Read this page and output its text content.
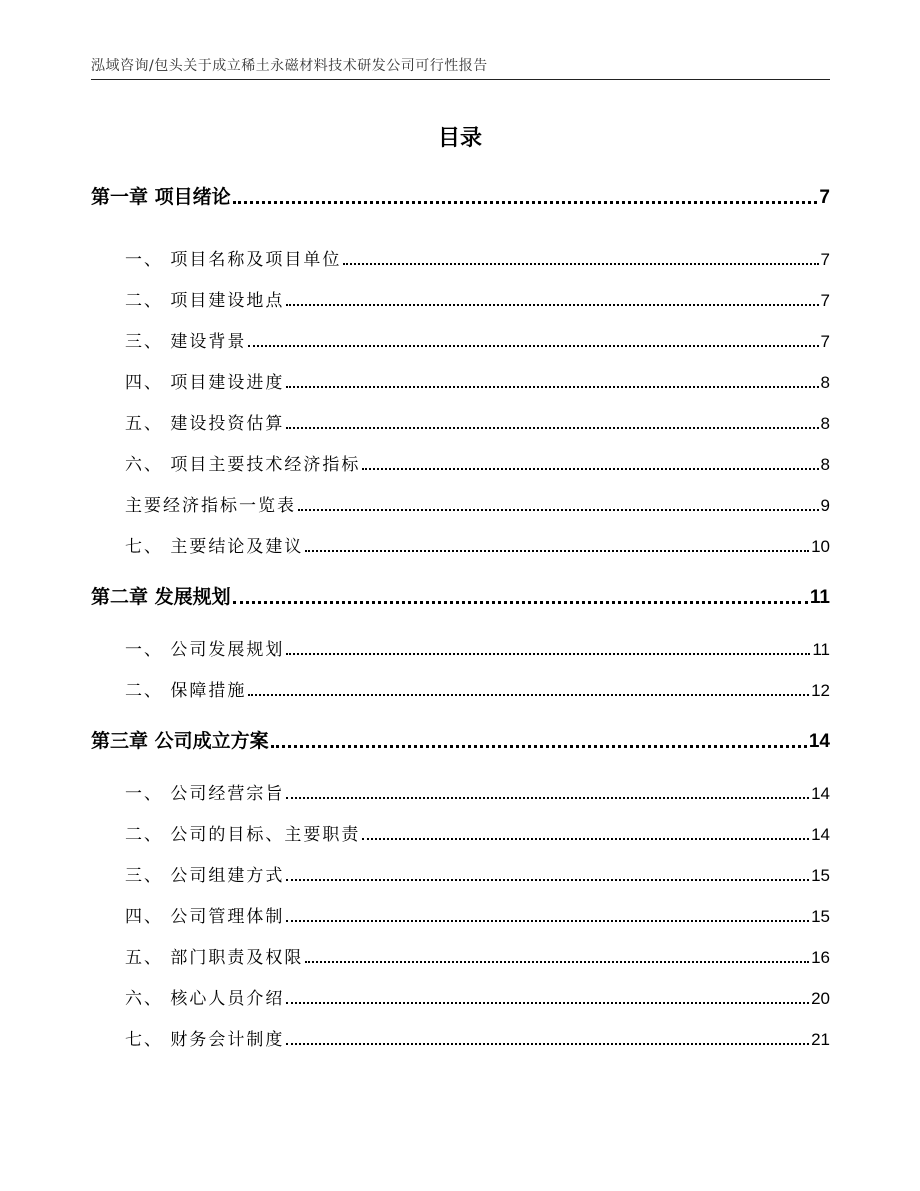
泓域咨询/包头关于成立稀土永磁材料技术研发公司可行性报告
目录
第一章 项目绪论	7
一、 项目名称及项目单位	7
二、 项目建设地点	7
三、 建设背景	7
四、 项目建设进度	8
五、 建设投资估算	8
六、 项目主要技术经济指标	8
主要经济指标一览表	9
七、 主要结论及建议	10
第二章 发展规划	11
一、 公司发展规划	11
二、 保障措施	12
第三章 公司成立方案	14
一、 公司经营宗旨	14
二、 公司的目标、主要职责	14
三、 公司组建方式	15
四、 公司管理体制	15
五、 部门职责及权限	16
六、 核心人员介绍	20
七、 财务会计制度	21
